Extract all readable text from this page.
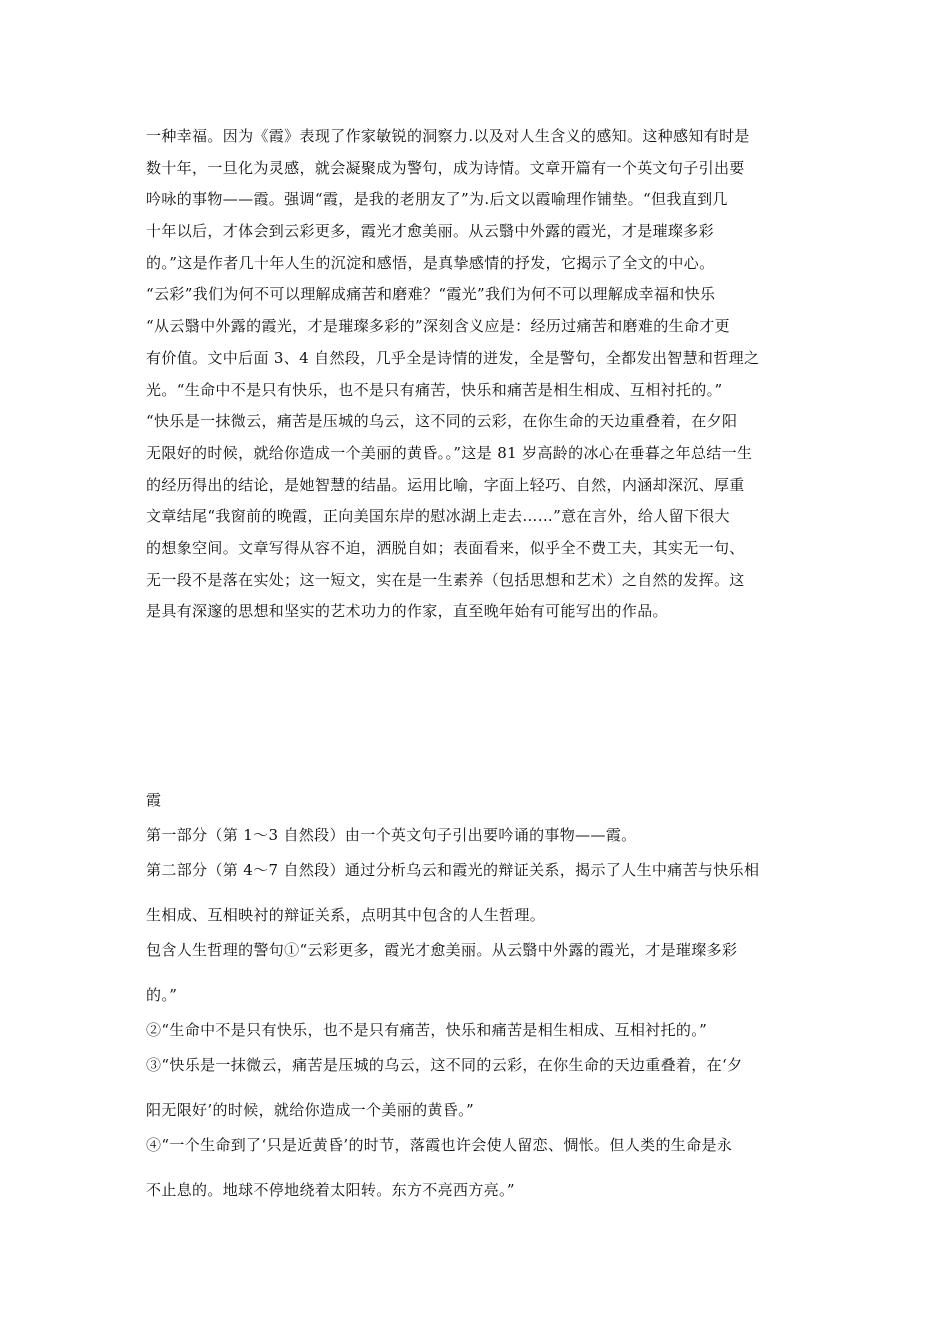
一种幸福。因为《霞》表现了作家敏锐的洞察力.以及对人生含义的感知。这种感知有时是
数十年，一旦化为灵感，就会凝聚成为警句，成为诗情。文章开篇有一个英文句子引出要
吟咏的事物——霞。强调“霞，是我的老朋友了”为.后文以霞喻理作铺垫。“但我直到几
十年以后，才体会到云彩更多，霞光才愈美丽。从云翳中外露的霞光，才是璀璨多彩
的。”这是作者几十年人生的沉淀和感悟，是真挚感情的抒发，它揭示了全文的中心。
“云彩”我们为何不可以理解成痛苦和磨难？“霞光”我们为何不可以理解成幸福和快乐
“从云翳中外露的霞光，才是璀璨多彩的”深刻含义应是：经历过痛苦和磨难的生命才更
有价值。文中后面 3、4 自然段，几乎全是诗情的迸发，全是警句，全都发出智慧和哲理之
光。“生命中不是只有快乐，也不是只有痛苦，快乐和痛苦是相生相成、互相衬托的。”
“快乐是一抹微云，痛苦是压城的乌云，这不同的云彩，在你生命的天边重叠着，在夕阳
无限好的时候，就给你造成一个美丽的黄昏。。”这是 81 岁高龄的冰心在垂暮之年总结一生
的经历得出的结论，是她智慧的结晶。运用比喻，字面上轻巧、自然，内涵却深沉、厚重
文章结尾“我窗前的晚霞，正向美国东岸的慰冰湖上走去……”意在言外，给人留下很大
的想象空间。文章写得从容不迫，洒脱自如；表面看来，似乎全不费工夫，其实无一句、
无一段不是落在实处；这一短文，实在是一生素养（包括思想和艺术）之自然的发挥。这
是具有深邃的思想和坚实的艺术功力的作家，直至晚年始有可能写出的作品。
霞
第一部分（第 1～3 自然段）由一个英文句子引出要吟诵的事物——霞。
第二部分（第 4～7 自然段）通过分析乌云和霞光的辩证关系，揭示了人生中痛苦与快乐相
生相成、互相映衬的辩证关系，点明其中包含的人生哲理。
包含人生哲理的警句①“云彩更多，霞光才愈美丽。从云翳中外露的霞光，才是璀璨多彩
的。”
②“生命中不是只有快乐，也不是只有痛苦，快乐和痛苦是相生相成、互相衬托的。”
③“快乐是一抹微云，痛苦是压城的乌云，这不同的云彩，在你生命的天边重叠着，在‘夕
阳无限好’的时候，就给你造成一个美丽的黄昏。”
④“一个生命到了‘只是近黄昏’的时节，落霞也许会使人留恋、惆怅。但人类的生命是永
不止息的。地球不停地绕着太阳转。东方不亮西方亮。”
